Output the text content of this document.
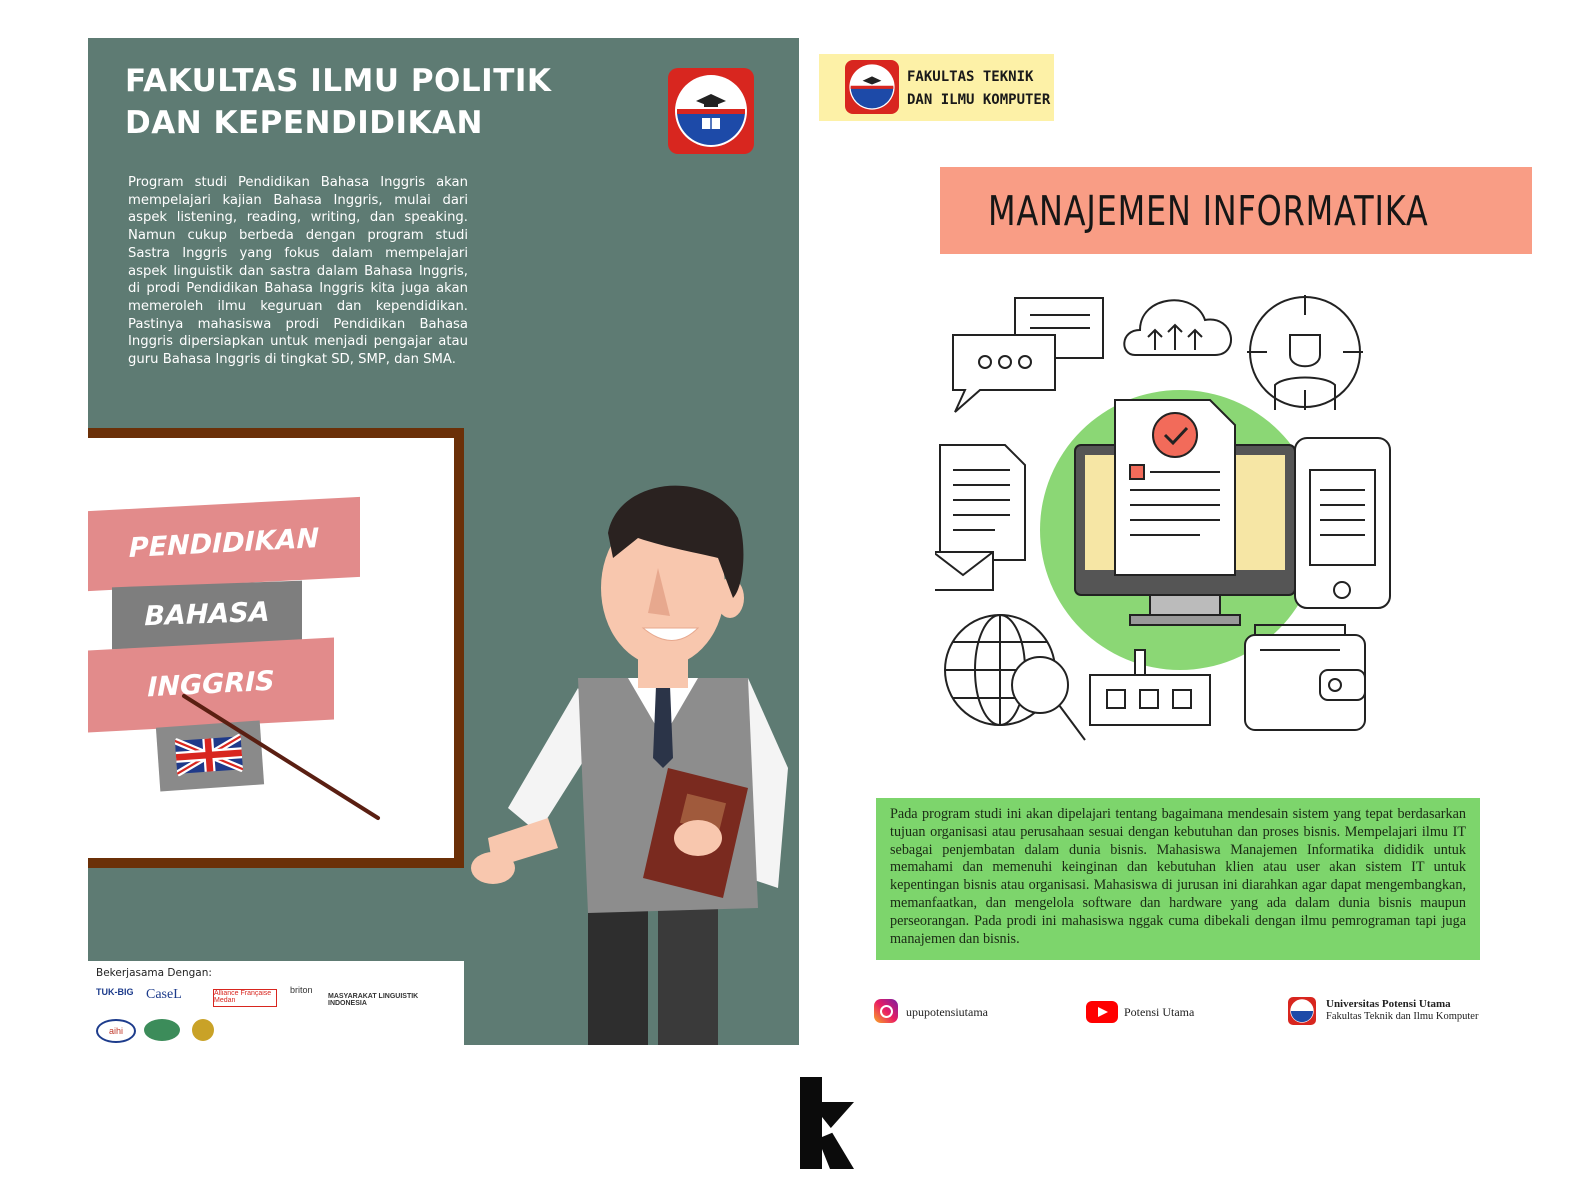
FAKULTAS ILMU POLITIK
DAN KEPENDIDIKAN
Program studi Pendidikan Bahasa Inggris akan mempelajari kajian Bahasa Inggris, mulai dari aspek listening, reading, writing, dan speaking. Namun cukup berbeda dengan program studi Sastra Inggris yang fokus dalam mempelajari aspek linguistik dan sastra dalam Bahasa Inggris, di prodi Pendidikan Bahasa Inggris kita juga akan memeroleh ilmu keguruan dan kependidikan. Pastinya mahasiswa prodi Pendidikan Bahasa Inggris dipersiapkan untuk menjadi pengajar atau guru Bahasa Inggris di tingkat SD, SMP, dan SMA.
PENDIDIKAN
BAHASA
INGGRIS
Bekerjasama Dengan:
TUK-BIG CaseL	Alliance Française Medan
briton
MASYARAKAT LINGUISTIK INDONESIA
aihi
FAKULTAS TEKNIK
DAN ILMU KOMPUTER
MANAJEMEN INFORMATIKA
Pada program studi ini akan dipelajari tentang bagaimana mendesain sistem yang tepat berdasarkan tujuan organisasi atau perusahaan sesuai dengan kebutuhan dan proses bisnis. Mempelajari ilmu IT sebagai penjembatan dalam dunia bisnis. Mahasiswa Manajemen Informatika dididik untuk memahami dan memenuhi keinginan dan kebutuhan klien atau user akan sistem IT untuk kepentingan bisnis atau organisasi. Mahasiswa di jurusan ini diarahkan agar dapat mengembangkan, memanfaatkan, dan mengelola software dan hardware yang ada dalam dunia bisnis maupun perseorangan. Pada prodi ini mahasiswa nggak cuma dibekali dengan ilmu pemrograman tapi juga manajemen dan bisnis.
upupotensiutama	Potensi Utama
Universitas Potensi Utama
Fakultas Teknik dan Ilmu Komputer
